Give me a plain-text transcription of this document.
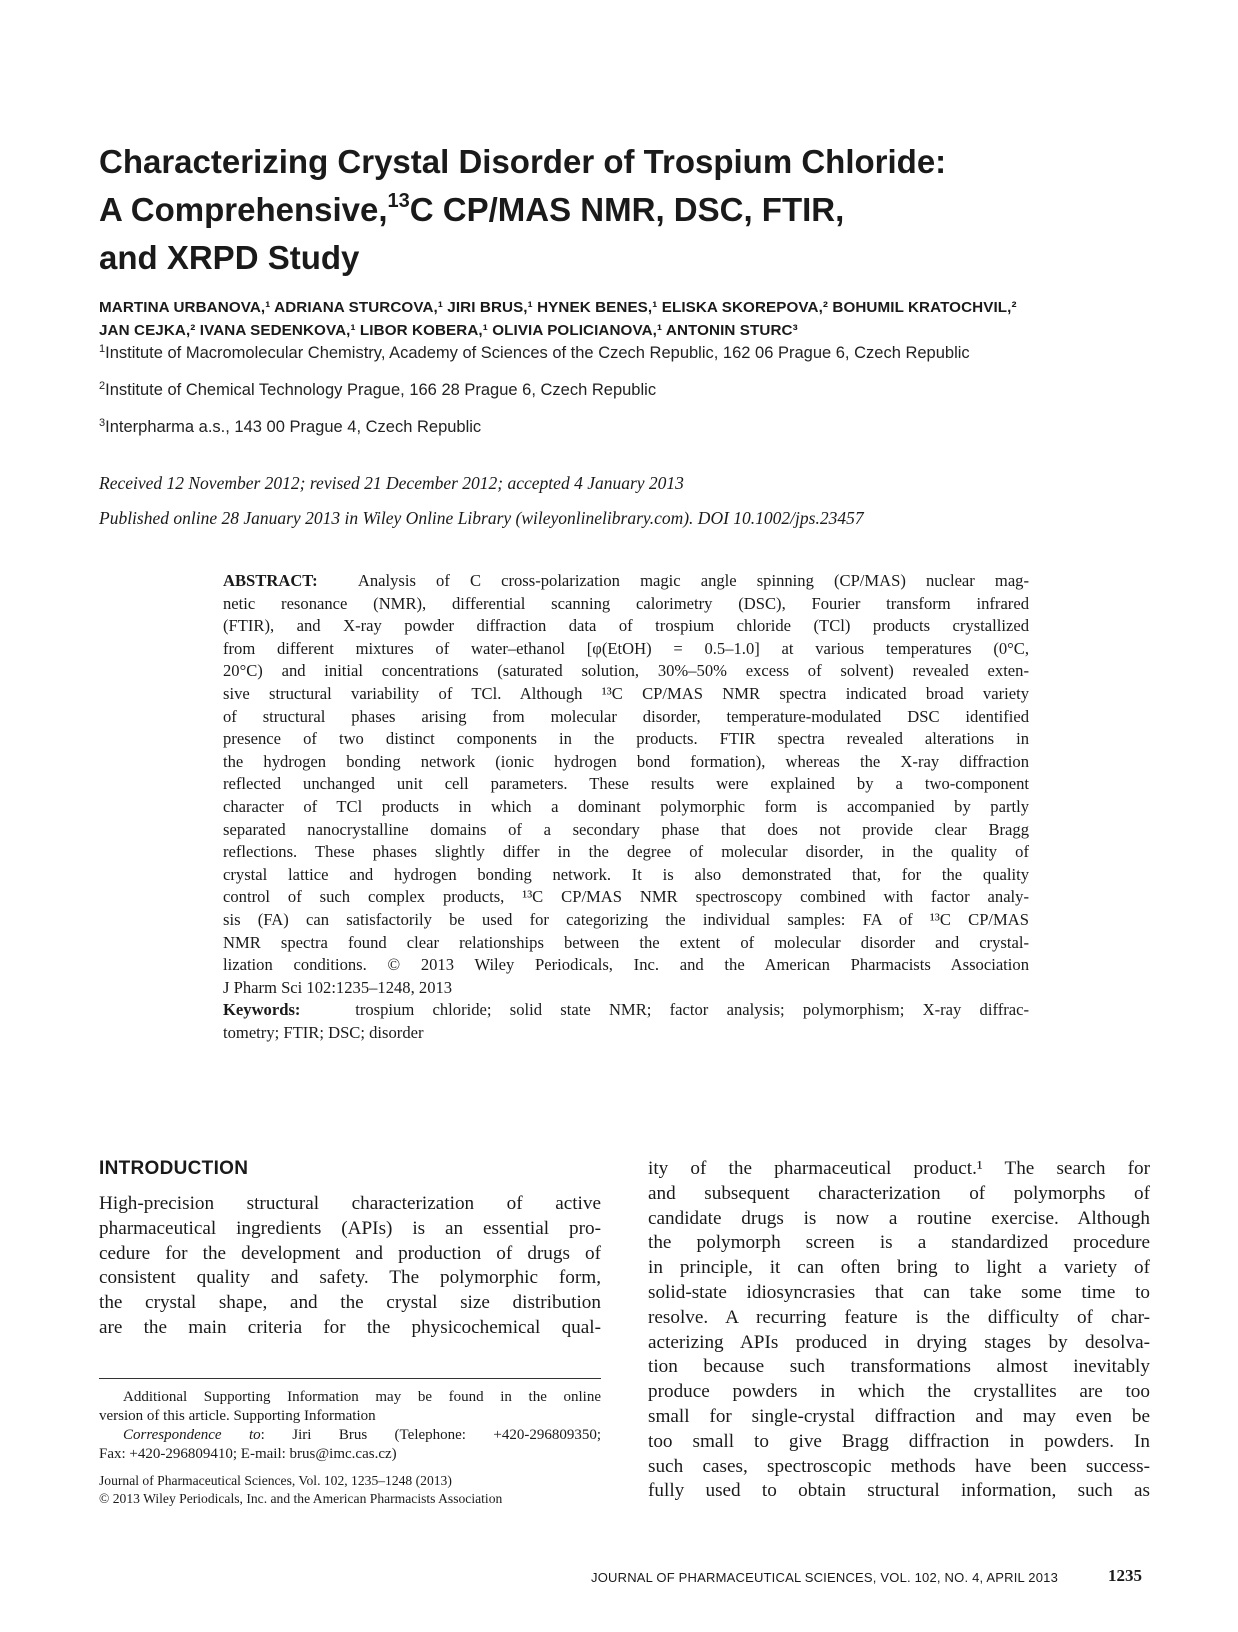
Characterizing Crystal Disorder of Trospium Chloride:
A Comprehensive,$^{13}$C CP/MAS NMR, DSC, FTIR,
and XRPD Study
MARTINA URBANOVA,¹ ADRIANA STURCOVA,¹ JIRI BRUS,¹ HYNEK BENES,¹ ELISKA SKOREPOVA,² BOHUMIL KRATOCHVIL,²
JAN CEJKA,² IVANA SEDENKOVA,¹ LIBOR KOBERA,¹ OLIVIA POLICIANOVA,¹ ANTONIN STURC³
$^1$Institute of Macromolecular Chemistry, Academy of Sciences of the Czech Republic, 162 06 Prague 6, Czech Republic
$^2$Institute of Chemical Technology Prague, 166 28 Prague 6, Czech Republic
$^3$Interpharma a.s., 143 00 Prague 4, Czech Republic
Received 12 November 2012; revised 21 December 2012; accepted 4 January 2013
Published online 28 January 2013 in Wiley Online Library (wileyonlinelibrary.com). DOI 10.1002/jps.23457
ABSTRACT: Analysis of C cross-polarization magic angle spinning (CP/MAS) nuclear mag-
netic resonance (NMR), differential scanning calorimetry (DSC), Fourier transform infrared
(FTIR), and X-ray powder diffraction data of trospium chloride (TCl) products crystallized
from different mixtures of water–ethanol [φ(EtOH) = 0.5–1.0] at various temperatures (0°C,
20°C) and initial concentrations (saturated solution, 30%–50% excess of solvent) revealed exten-
sive structural variability of TCl. Although ¹³C CP/MAS NMR spectra indicated broad variety
of structural phases arising from molecular disorder, temperature-modulated DSC identified
presence of two distinct components in the products. FTIR spectra revealed alterations in
the hydrogen bonding network (ionic hydrogen bond formation), whereas the X-ray diffraction
reflected unchanged unit cell parameters. These results were explained by a two-component
character of TCl products in which a dominant polymorphic form is accompanied by partly
separated nanocrystalline domains of a secondary phase that does not provide clear Bragg
reflections. These phases slightly differ in the degree of molecular disorder, in the quality of
crystal lattice and hydrogen bonding network. It is also demonstrated that, for the quality
control of such complex products, ¹³C CP/MAS NMR spectroscopy combined with factor analy-
sis (FA) can satisfactorily be used for categorizing the individual samples: FA of ¹³C CP/MAS
NMR spectra found clear relationships between the extent of molecular disorder and crystal-
lization conditions. © 2013 Wiley Periodicals, Inc. and the American Pharmacists Association
J Pharm Sci 102:1235–1248, 2013
Keywords:	trospium chloride; solid state NMR; factor analysis; polymorphism; X-ray diffrac-
tometry; FTIR; DSC; disorder
INTRODUCTION
High-precision structural characterization of active
pharmaceutical ingredients (APIs) is an essential pro-
cedure for the development and production of drugs of
consistent quality and safety. The polymorphic form,
the crystal shape, and the crystal size distribution
are the main criteria for the physicochemical qual-
ity of the pharmaceutical product.¹ The search for
and subsequent characterization of polymorphs of
candidate drugs is now a routine exercise. Although
the polymorph screen is a standardized procedure
in principle, it can often bring to light a variety of
solid-state idiosyncrasies that can take some time to
resolve. A recurring feature is the difficulty of char-
acterizing APIs produced in drying stages by desolva-
tion because such transformations almost inevitably
produce powders in which the crystallites are too
small for single-crystal diffraction and may even be
too small to give Bragg diffraction in powders. In
such cases, spectroscopic methods have been success-
fully used to obtain structural information, such as
Additional Supporting Information may be found in the online
version of this article. Supporting Information
Correspondence to: Jiri Brus (Telephone: +420-296809350;
Fax: +420-296809410; E-mail: brus@imc.cas.cz)
Journal of Pharmaceutical Sciences, Vol. 102, 1235–1248 (2013)
© 2013 Wiley Periodicals, Inc. and the American Pharmacists Association
JOURNAL OF PHARMACEUTICAL SCIENCES, VOL. 102, NO. 4, APRIL 2013	1235
